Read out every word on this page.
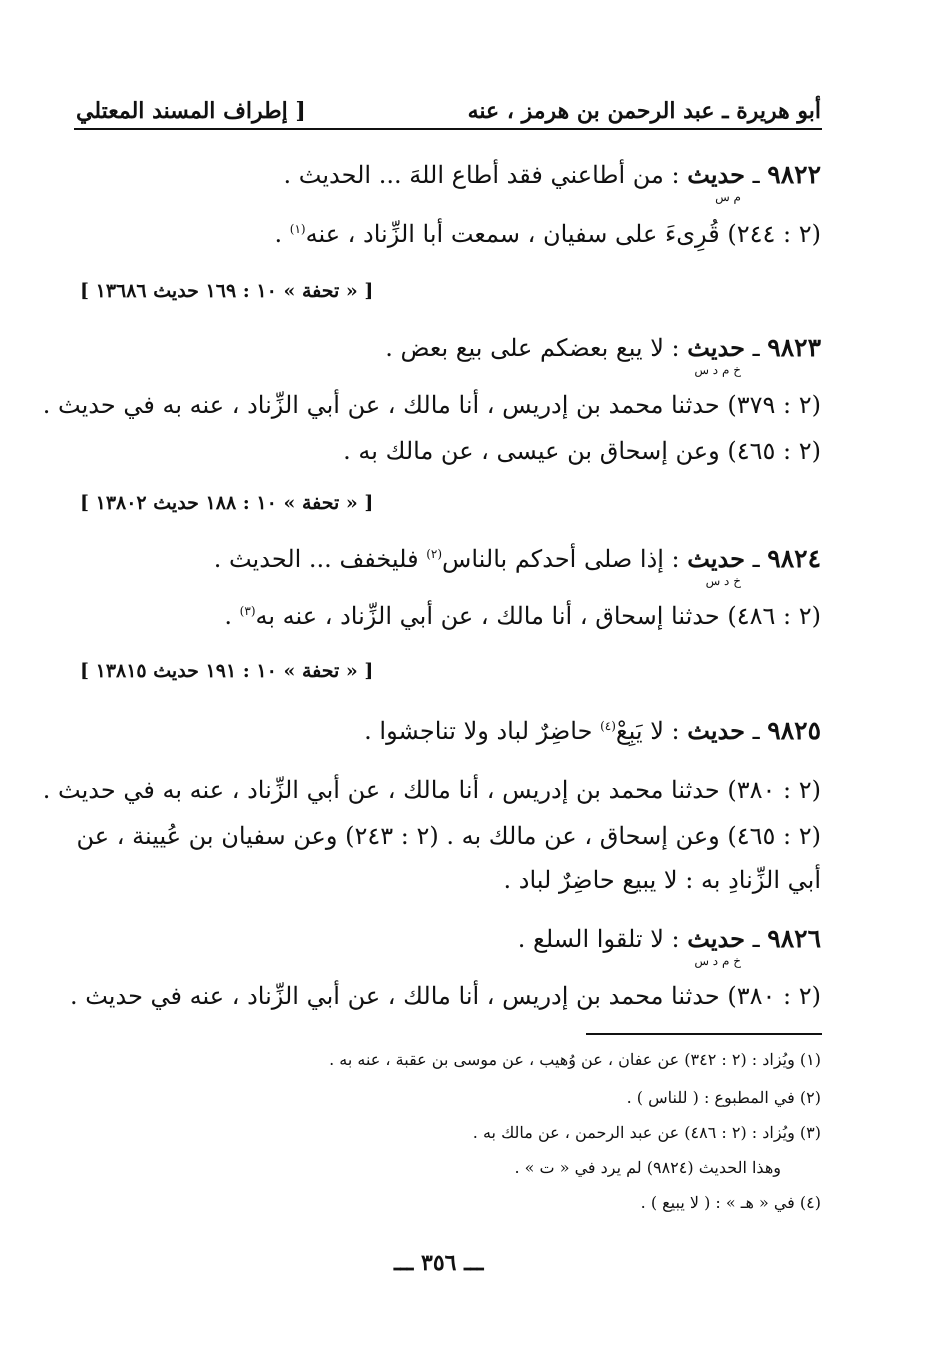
أبو هريرة ـ عبد الرحمن بن هرمز ، عنه
[ إطراف المسند المعتلي
٩٨٢٢ ـ حديث
م س
: من أطاعني فقد أطاع اللهَ ... الحديث .
(٢ : ٢٤٤) قُرِىءَ على سفيان ، سمعت أبا الزِّناد ، عنه$^{(١)}$ .
[ « تحفة » ١٠ : ١٦٩ حديث ١٣٦٨٦ ]
٩٨٢٣ ـ حديث
خ م د س
: لا يبع بعضكم على بيع بعض .
(٢ : ٣٧٩) حدثنا محمد بن إدريس ، أنا مالك ، عن أبي الزِّناد ، عنه به في حديث .
(٢ : ٤٦٥) وعن إسحاق بن عيسى ، عن مالك به .
[ « تحفة » ١٠ : ١٨٨ حديث ١٣٨٠٢ ]
٩٨٢٤ ـ حديث
خ د س
: إذا صلى أحدكم بالناس$^{(٢)}$ فليخفف ... الحديث .
(٢ : ٤٨٦) حدثنا إسحاق ، أنا مالك ، عن أبي الزِّناد ، عنه به$^{(٣)}$ .
[ « تحفة » ١٠ : ١٩١ حديث ١٣٨١٥ ]
٩٨٢٥ ـ حديث : لا يَبِعْ$^{(٤)}$ حاضِرٌ لباد ولا تناجشوا .
(٢ : ٣٨٠) حدثنا محمد بن إدريس ، أنا مالك ، عن أبي الزِّناد ، عنه به في حديث .
(٢ : ٤٦٥) وعن إسحاق ، عن مالك به . (٢ : ٢٤٣) وعن سفيان بن عُيينة ، عن
أبي الزِّنادِ به : لا يبيع حاضِرٌ لباد .
٩٨٢٦ ـ حديث
خ م د س
: لا تلقوا السلع .
(٢ : ٣٨٠) حدثنا محمد بن إدريس ، أنا مالك ، عن أبي الزِّناد ، عنه في حديث .
(١) ويُزاد : (٢ : ٣٤٢) عن عفان ، عن وُهيب ، عن موسى بن عقبة ، عنه به .
(٢) في المطبوع : ( للناس ) .
(٣) ويُزاد : (٢ : ٤٨٦) عن عبد الرحمن ، عن مالك به .
وهذا الحديث (٩٨٢٤) لم يرد في « ت » .
(٤) في « هـ » : ( لا يبيع ) .
ـــ ٣٥٦ ـــ
